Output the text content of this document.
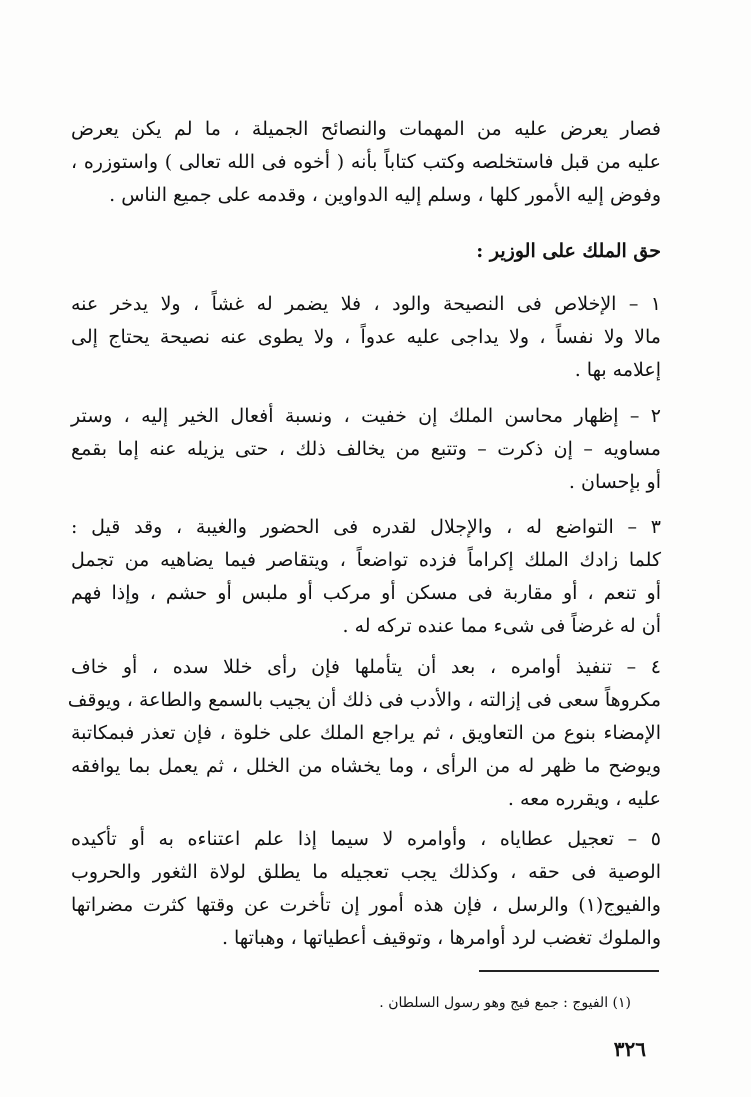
فصار يعرض عليه من المهمات والنصائح الجميلة ، ما لم يكن يعرض
عليه من قبل فاستخلصه وكتب كتاباً بأنه ( أخوه فى الله تعالى ) واستوزره ،
وفوض إليه الأمور كلها ، وسلم إليه الدواوين ، وقدمه على جميع الناس .
حق الملك على الوزير :
١ – الإخلاص فى النصيحة والود ، فلا يضمر له غشاً ، ولا يدخر عنه
مالا ولا نفساً ، ولا يداجى عليه عدواً ، ولا يطوى عنه نصيحة يحتاج إلى
إعلامه بها .
٢ – إظهار محاسن الملك إن خفيت ، ونسبة أفعال الخير إليه ، وستر
مساويه – إن ذكرت – وتتبع من يخالف ذلك ، حتى يزيله عنه إما بقمع
أو بإحسان .
٣ – التواضع له ، والإجلال لقدره فى الحضور والغيبة ، وقد قيل :
كلما زادك الملك إكراماً فزده تواضعاً ، ويتقاصر فيما يضاهيه من تجمل
أو تنعم ، أو مقاربة فى مسكن أو مركب أو ملبس أو حشم ، وإذا فهم
أن له غرضاً فى شىء مما عنده تركه له .
٤ – تنفيذ أوامره ، بعد أن يتأملها فإن رأى خللا سده ، أو خاف
مكروهاً سعى فى إزالته ، والأدب فى ذلك أن يجيب بالسمع والطاعة ، ويوقف
الإمضاء بنوع من التعاويق ، ثم يراجع الملك على خلوة ، فإن تعذر فبمكاتبة
ويوضح ما ظهر له من الرأى ، وما يخشاه من الخلل ، ثم يعمل بما يوافقه
عليه ، ويقرره معه .
٥ – تعجيل عطاياه ، وأوامره لا سيما إذا علم اعتناءه به أو تأكيده
الوصية فى حقه ، وكذلك يجب تعجيله ما يطلق لولاة الثغور والحروب
والفيوج(١) والرسل ، فإن هذه أمور إن تأخرت عن وقتها كثرت مضراتها
والملوك تغضب لرد أوامرها ، وتوقيف أعطياتها ، وهباتها .
(١) الفيوج : جمع فيج وهو رسول السلطان .
٣٢٦
